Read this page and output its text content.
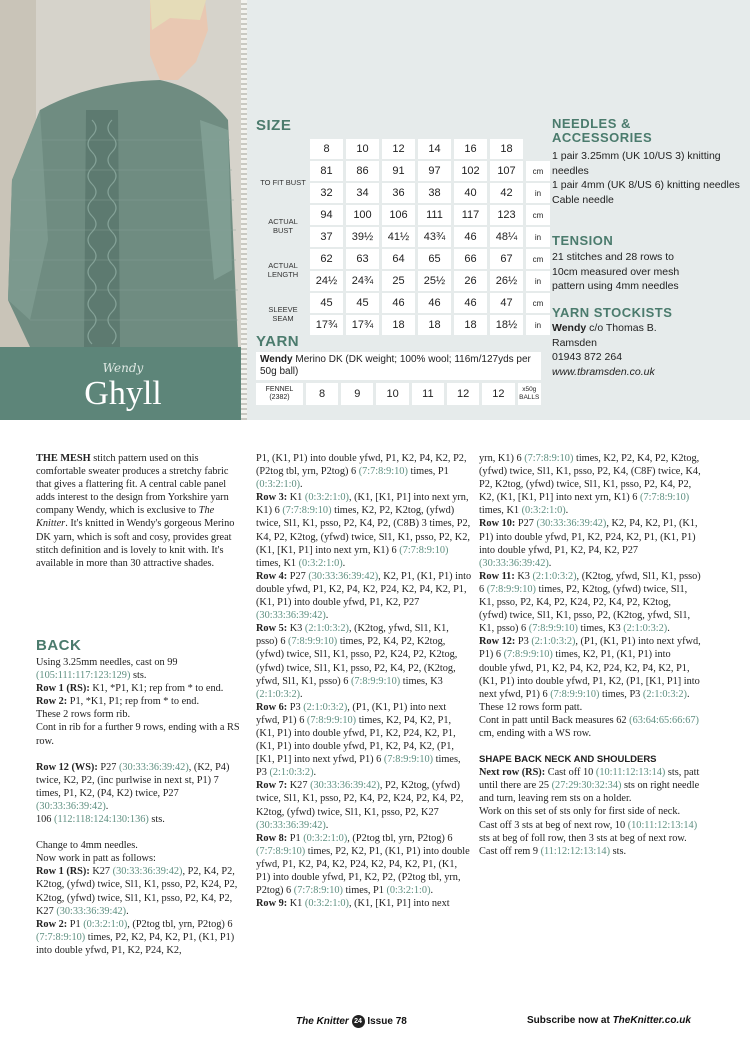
Wendy
Ghyll
SIZE
	8	10	12	14	16	18	
TO FIT BUST	81	86	91	97	102	107	cm
	32	34	36	38	40	42	in
ACTUAL BUST	94	100	106	111	117	123	cm
	37	39½	41½	43¾	46	48¼	in
ACTUAL LENGTH	62	63	64	65	66	67	cm
	24½	24¾	25	25½	26	26½	in
SLEEVE SEAM	45	45	46	46	46	47	cm
	17¾	17¾	18	18	18	18½	in
YARN
Wendy Merino DK (DK weight; 100% wool; 116m/127yds per 50g ball)
FENNEL
(2382)	8	9	10	11	12	12	x50g BALLS
NEEDLES & ACCESSORIES
1 pair 3.25mm (UK 10/US 3) knitting needles
1 pair 4mm (UK 8/US 6) knitting needles
Cable needle
TENSION
21 stitches and 28 rows to 10cm measured over mesh pattern using 4mm needles
YARN STOCKISTS
Wendy c/o Thomas B. Ramsden
01943 872 264
www.tbramsden.co.uk

THE MESH stitch pattern used on this comfortable sweater produces a stretchy fabric that gives a flattering fit. A central cable panel adds interest to the design from Yorkshire yarn company Wendy, which is exclusive to The Knitter. It's knitted in Wendy's gorgeous Merino DK yarn, which is soft and cosy, provides great stitch definition and is lovely to knit with. It's available in more than 30 attractive shades.

BACK

Using 3.25mm needles, cast on 99 (105:111:117:123:129) sts.

Row 1 (RS): K1, *P1, K1; rep from * to end.

Row 2: P1, *K1, P1; rep from * to end.

These 2 rows form rib.

Cont in rib for a further 9 rows, ending with a RS row.

Row 12 (WS): P27 (30:33:36:39:42), (K2, P4) twice, K2, P2, (inc purlwise in next st, P1) 7 times, P1, K2, (P4, K2) twice, P27 (30:33:36:39:42).

106 (112:118:124:130:136) sts.

Change to 4mm needles.

Now work in patt as follows:

Row 1 (RS): K27 (30:33:36:39:42), P2, K4, P2, K2tog, (yfwd) twice, Sl1, K1, psso, P2, K24, P2, K2tog, (yfwd) twice, Sl1, K1, psso, P2, K4, P2, K27 (30:33:36:39:42).

Row 2: P1 (0:3:2:1:0), (P2tog tbl, yrn, P2tog) 6 (7:7:8:9:10) times, P2, K2, P4, K2, P1, (K1, P1) into double yfwd, P1, K2, P24, K2,

P1, (K1, P1) into double yfwd, P1, K2, P4, K2, P2, (P2tog tbl, yrn, P2tog) 6 (7:7:8:9:10) times, P1 (0:3:2:1:0).

Row 3: K1 (0:3:2:1:0), (K1, [K1, P1] into next yrn, K1) 6 (7:7:8:9:10) times, K2, P2, K2tog, (yfwd) twice, Sl1, K1, psso, P2, K4, P2, (C8B) 3 times, P2, K4, P2, K2tog, (yfwd) twice, Sl1, K1, psso, P2, K2, (K1, [K1, P1] into next yrn, K1) 6 (7:7:8:9:10) times, K1 (0:3:2:1:0).

Row 4: P27 (30:33:36:39:42), K2, P1, (K1, P1) into double yfwd, P1, K2, P4, K2, P24, K2, P4, K2, P1, (K1, P1) into double yfwd, P1, K2, P27 (30:33:36:39:42).

Row 5: K3 (2:1:0:3:2), (K2tog, yfwd, Sl1, K1, psso) 6 (7:8:9:9:10) times, P2, K4, P2, K2tog, (yfwd) twice, Sl1, K1, psso, P2, K24, P2, K2tog, (yfwd) twice, Sl1, K1, psso, P2, K4, P2, (K2tog, yfwd, Sl1, K1, psso) 6 (7:8:9:9:10) times, K3 (2:1:0:3:2).

Row 6: P3 (2:1:0:3:2), (P1, (K1, P1) into next yfwd, P1) 6 (7:8:9:9:10) times, K2, P4, K2, P1, (K1, P1) into double yfwd, P1, K2, P24, K2, P1, (K1, P1) into double yfwd, P1, K2, P4, K2, (P1, [K1, P1] into next yfwd, P1) 6 (7:8:9:9:10) times, P3 (2:1:0:3:2).

Row 7: K27 (30:33:36:39:42), P2, K2tog, (yfwd) twice, Sl1, K1, psso, P2, K4, P2, K24, P2, K4, P2, K2tog, (yfwd) twice, Sl1, K1, psso, P2, K27 (30:33:36:39:42).

Row 8: P1 (0:3:2:1:0), (P2tog tbl, yrn, P2tog) 6 (7:7:8:9:10) times, P2, K2, P1, (K1, P1) into double yfwd, P1, K2, P4, K2, P24, K2, P4, K2, P1, (K1, P1) into double yfwd, P1, K2, P2, (P2tog tbl, yrn, P2tog) 6 (7:7:8:9:10) times, P1 (0:3:2:1:0).

Row 9: K1 (0:3:2:1:0), (K1, [K1, P1] into next

yrn, K1) 6 (7:7:8:9:10) times, K2, P2, K4, P2, K2tog, (yfwd) twice, Sl1, K1, psso, P2, K4, (C8F) twice, K4, P2, K2tog, (yfwd) twice, Sl1, K1, psso, P2, K4, P2, K2, (K1, [K1, P1] into next yrn, K1) 6 (7:7:8:9:10) times, K1 (0:3:2:1:0).

Row 10: P27 (30:33:36:39:42), K2, P4, K2, P1, (K1, P1) into double yfwd, P1, K2, P24, K2, P1, (K1, P1) into double yfwd, P1, K2, P4, K2, P27 (30:33:36:39:42).

Row 11: K3 (2:1:0:3:2), (K2tog, yfwd, Sl1, K1, psso) 6 (7:8:9:9:10) times, P2, K2tog, (yfwd) twice, Sl1, K1, psso, P2, K4, P2, K24, P2, K4, P2, K2tog, (yfwd) twice, Sl1, K1, psso, P2, (K2tog, yfwd, Sl1, K1, psso) 6 (7:8:9:9:10) times, K3 (2:1:0:3:2).

Row 12: P3 (2:1:0:3:2), (P1, (K1, P1) into next yfwd, P1) 6 (7:8:9:9:10) times, K2, P1, (K1, P1) into double yfwd, P1, K2, P4, K2, P24, K2, P4, K2, P1, (K1, P1) into double yfwd, P1, K2, (P1, [K1, P1] into next yfwd, P1) 6 (7:8:9:9:10) times, P3 (2:1:0:3:2).

These 12 rows form patt.

Cont in patt until Back measures 62 (63:64:65:66:67) cm, ending with a WS row.

SHAPE BACK NECK AND SHOULDERS

Next row (RS): Cast off 10 (10:11:12:13:14) sts, patt until there are 25 (27:29:30:32:34) sts on right needle and turn, leaving rem sts on a holder.

Work on this set of sts only for first side of neck.

Cast off 3 sts at beg of next row, 10 (10:11:12:13:14) sts at beg of foll row, then 3 sts at beg of next row.

Cast off rem 9 (11:12:12:13:14) sts.

The Knitter 24 Issue 78	Subscribe now at TheKnitter.co.uk
